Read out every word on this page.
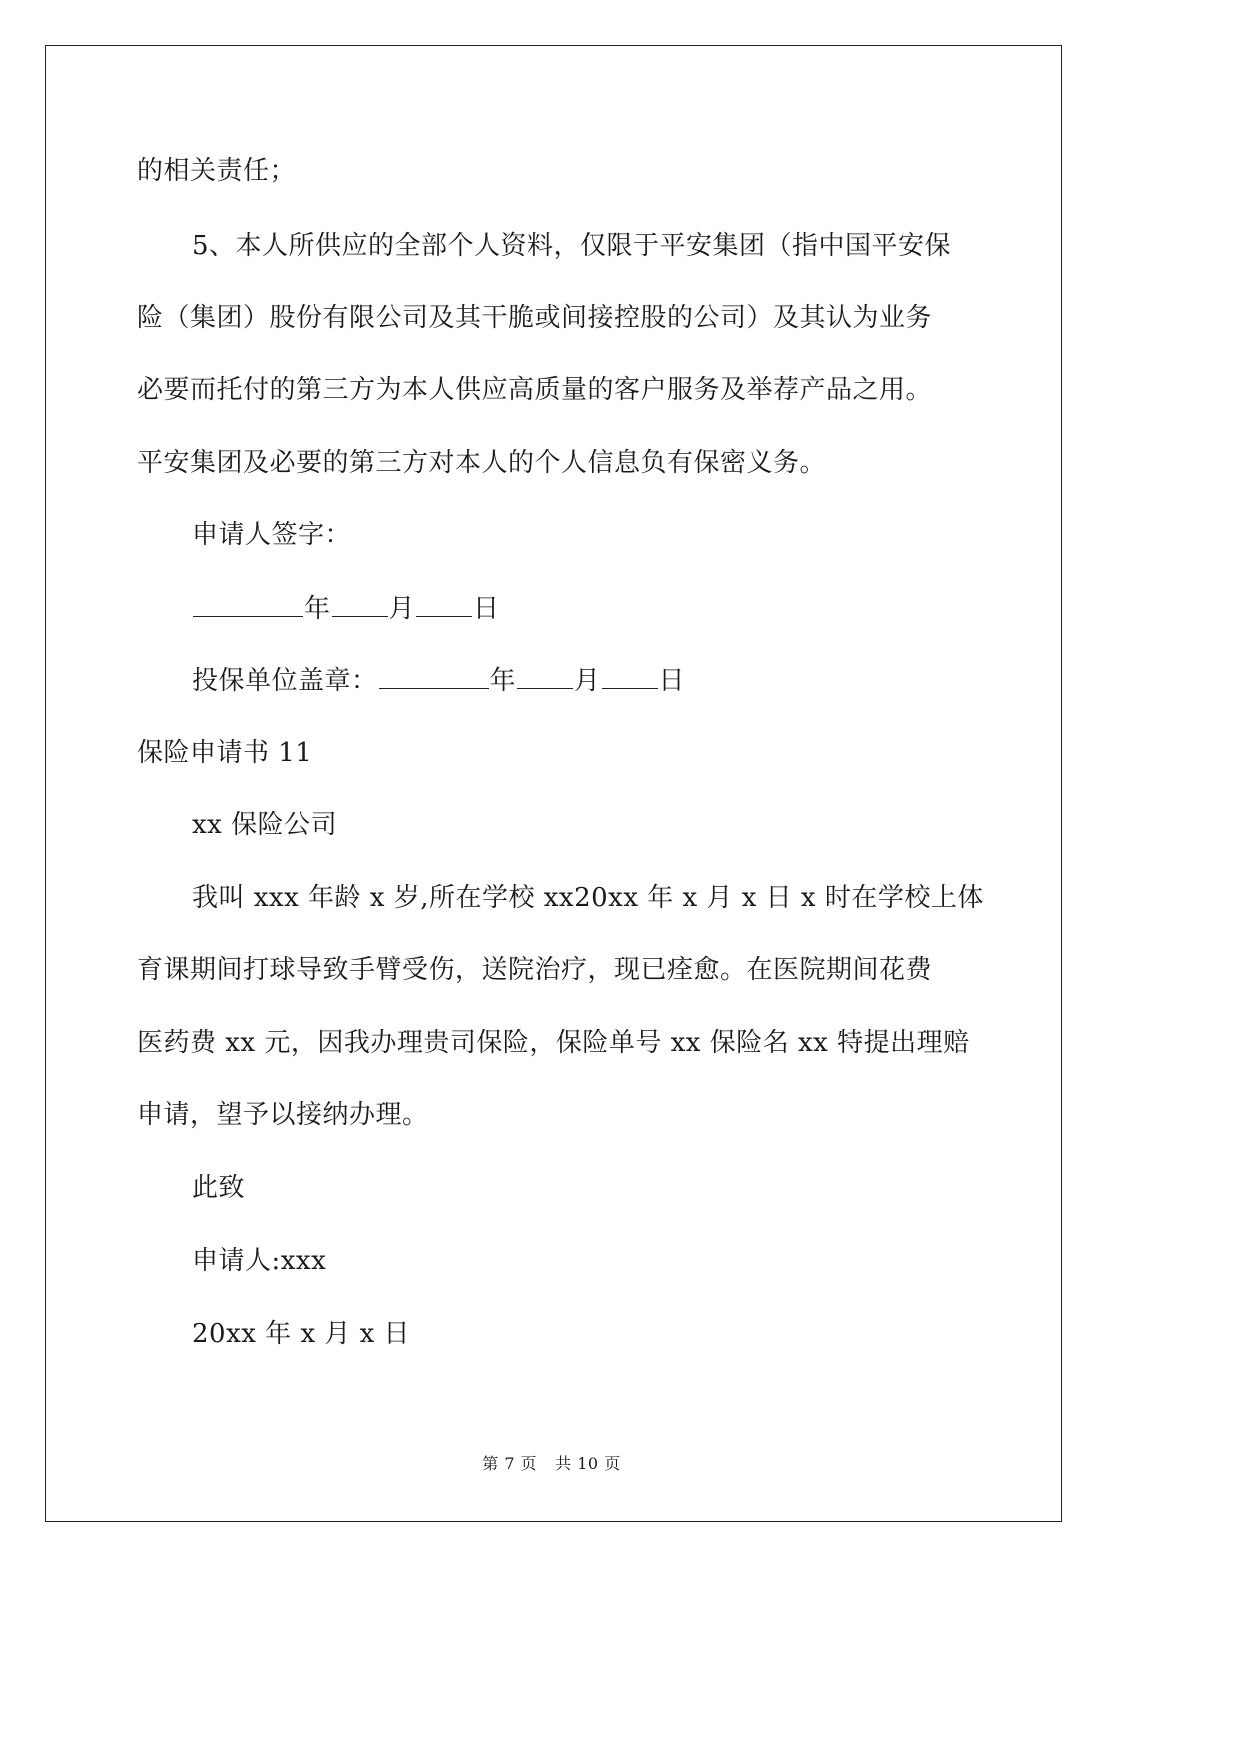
的相关责任；
5、本人所供应的全部个人资料，仅限于平安集团（指中国平安保
险（集团）股份有限公司及其干脆或间接控股的公司）及其认为业务
必要而托付的第三方为本人供应高质量的客户服务及举荐产品之用。
平安集团及必要的第三方对本人的个人信息负有保密义务。
申请人签字：
年 月 日
投保单位盖章：	年 月 日
保险申请书 11
xx 保险公司
我叫 xxx 年龄 x 岁,所在学校 xx20xx 年 x 月 x 日 x 时在学校上体
育课期间打球导致手臂受伤，送院治疗，现已痊愈。在医院期间花费
医药费 xx 元，因我办理贵司保险，保险单号 xx 保险名 xx 特提出理赔
申请，望予以接纳办理。
此致
申请人:xxx
20xx 年 x 月 x 日
第 7 页 共 10 页
